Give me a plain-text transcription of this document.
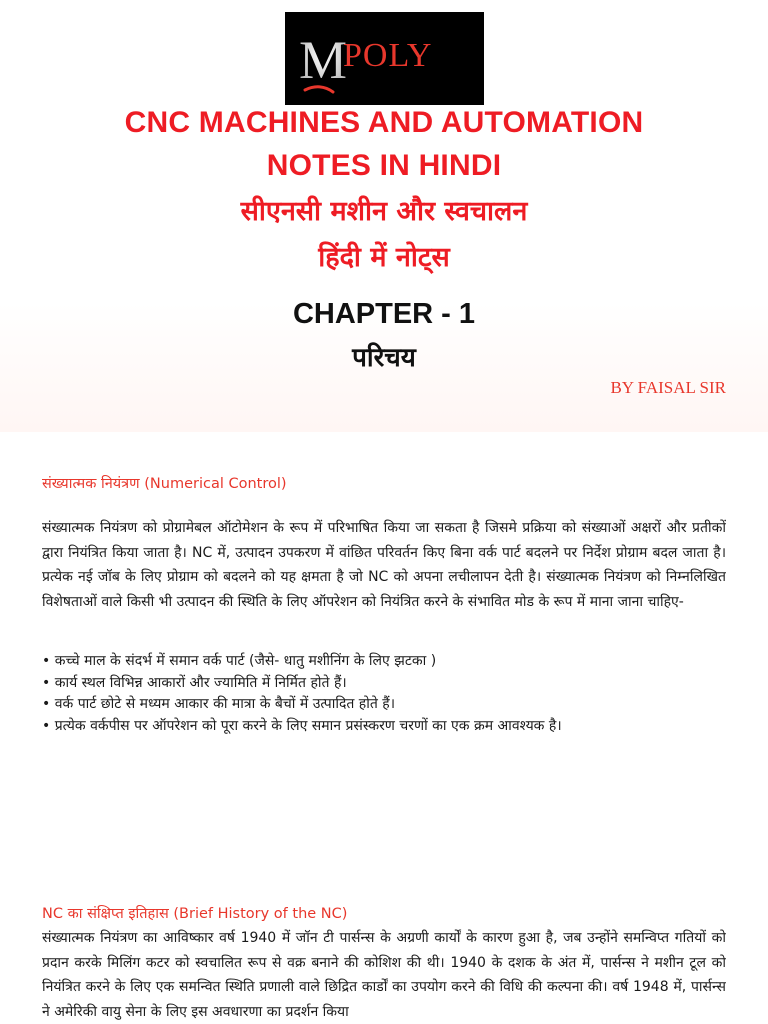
M
POLY
CNC MACHINES AND AUTOMATION
NOTES IN HINDI
सीएनसी मशीन और स्वचालन
हिंदी में नोट्स
CHAPTER - 1
परिचय
BY FAISAL SIR
संख्यात्मक नियंत्रण (Numerical Control)
संख्यात्मक नियंत्रण को प्रोग्रामेबल ऑटोमेशन के रूप में परिभाषित किया जा सकता है जिसमे प्रक्रिया को संख्याओं अक्षरों और प्रतीकों द्वारा नियंत्रित किया जाता है। NC में, उत्पादन उपकरण में वांछित परिवर्तन किए बिना वर्क पार्ट बदलने पर निर्देश प्रोग्राम बदल जाता है। प्रत्येक नई जॉब के लिए प्रोग्राम को बदलने को यह क्षमता है जो NC को अपना लचीलापन देती है। संख्यात्मक नियंत्रण को निम्नलिखित विशेषताओं वाले किसी भी उत्पादन की स्थिति के लिए ऑपरेशन को नियंत्रित करने के संभावित मोड के रूप में माना जाना चाहिए-
• कच्चे माल के संदर्भ में समान वर्क पार्ट (जैसे- धातु मशीनिंग के लिए झटका )
• कार्य स्थल विभिन्न आकारों और ज्यामिति में निर्मित होते हैं।
• वर्क पार्ट छोटे से मध्यम आकार की मात्रा के बैचों में उत्पादित होते हैं।
• प्रत्येक वर्कपीस पर ऑपरेशन को पूरा करने के लिए समान प्रसंस्करण चरणों का एक क्रम आवश्यक है।
NC का संक्षिप्त इतिहास (Brief History of the NC)
संख्यात्मक नियंत्रण का आविष्कार वर्ष 1940 में जॉन टी पार्सन्स के अग्रणी कार्यों के कारण हुआ है, जब उन्होंने समन्विप्त गतियों को प्रदान करके मिलिंग कटर को स्वचालित रूप से वक्र बनाने की कोशिश की थी। 1940 के दशक के अंत में, पार्सन्स ने मशीन टूल को नियंत्रित करने के लिए एक समन्वित स्थिति प्रणाली वाले छिद्रित कार्डों का उपयोग करने की विधि की कल्पना की। वर्ष 1948 में, पार्सन्स ने अमेरिकी वायु सेना के लिए इस अवधारणा का प्रदर्शन किया
